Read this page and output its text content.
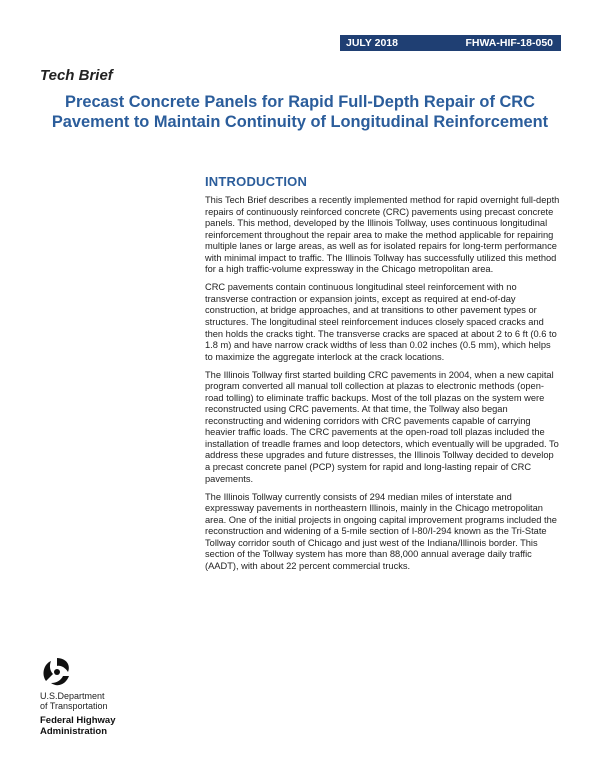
JULY 2018	FHWA-HIF-18-050
Tech Brief
Precast Concrete Panels for Rapid Full-Depth Repair of CRC Pavement to Maintain Continuity of Longitudinal Reinforcement
INTRODUCTION

This Tech Brief describes a recently implemented method for rapid overnight full-depth repairs of continuously reinforced concrete (CRC) pavements using precast concrete panels. This method, developed by the Illinois Tollway, uses continuous longitudinal reinforcement throughout the repair area to make the method applicable for repairing multiple lanes or large areas, as well as for isolated repairs for long-term performance with minimal impact to traffic. The Illinois Tollway has successfully utilized this method for a high traffic-volume expressway in the Chicago metropolitan area.

CRC pavements contain continuous longitudinal steel reinforcement with no transverse contraction or expansion joints, except as required at end-of-day construction, at bridge approaches, and at transitions to other pavement types or structures. The longitudinal steel reinforcement induces closely spaced cracks and then holds the cracks tight. The transverse cracks are spaced at about 2 to 6 ft (0.6 to 1.8 m) and have narrow crack widths of less than 0.02 inches (0.5 mm), which helps to maximize the aggregate interlock at the crack locations.

The Illinois Tollway first started building CRC pavements in 2004, when a new capital program converted all manual toll collection at plazas to electronic methods (open-road tolling) to eliminate traffic backups. Most of the toll plazas on the system were reconstructed using CRC pavements. At that time, the Tollway also began reconstructing and widening corridors with CRC pavements capable of carrying heavier traffic loads. The CRC pavements at the open-road toll plazas included the installation of treadle frames and loop detectors, which eventually will be upgraded. To address these upgrades and future distresses, the Illinois Tollway decided to develop a precast concrete panel (PCP) system for rapid and long-lasting repair of CRC pavements.

The Illinois Tollway currently consists of 294 median miles of interstate and expressway pavements in northeastern Illinois, mainly in the Chicago metropolitan area. One of the initial projects in ongoing capital improvement programs included the reconstruction and widening of a 5-mile section of I-80/I-294 known as the Tri-State Tollway corridor south of Chicago and just west of the Indiana/Illinois border. This section of the Tollway system has more than 88,000 annual average daily traffic (AADT), with about 22 percent commercial trucks.

U.S.Department
of Transportation
Federal Highway
Administration
